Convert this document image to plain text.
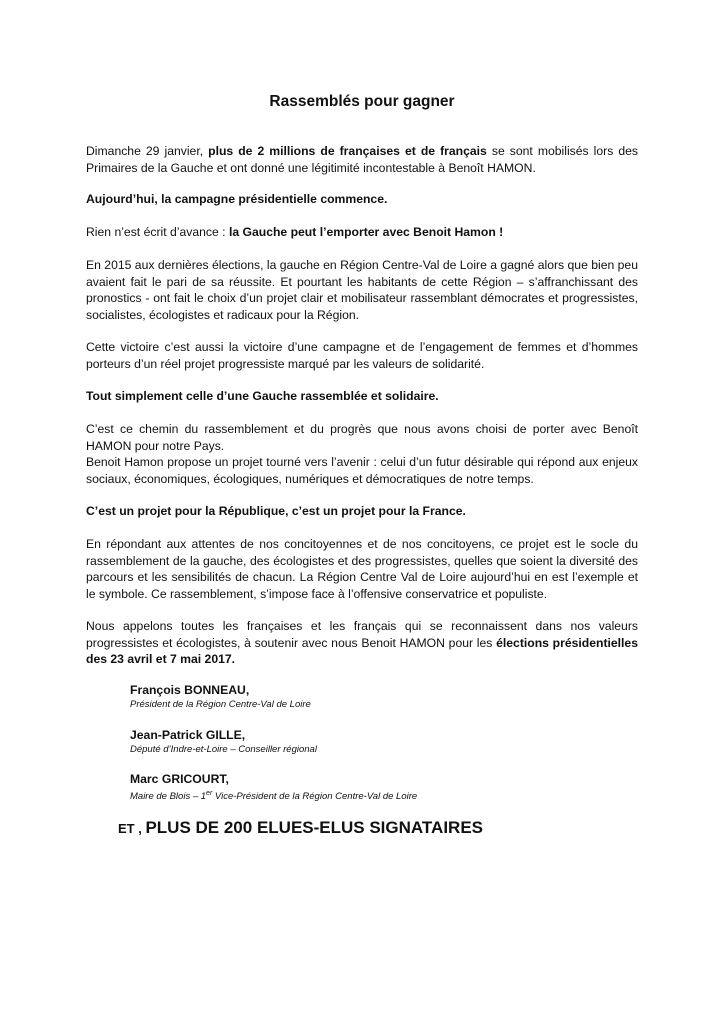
Rassemblés pour gagner

Dimanche 29 janvier, plus de 2 millions de françaises et de français se sont mobilisés lors des Primaires de la Gauche et ont donné une légitimité incontestable à Benoît HAMON.

Aujourd’hui, la campagne présidentielle commence.

Rien n’est écrit d’avance : la Gauche peut l’emporter avec Benoit Hamon !

En 2015 aux dernières élections, la gauche en Région Centre-Val de Loire a gagné alors que bien peu avaient fait le pari de sa réussite. Et pourtant les habitants de cette Région – s’affranchissant des pronostics - ont fait le choix d’un projet clair et mobilisateur rassemblant démocrates et progressistes, socialistes, écologistes et radicaux pour la Région.

Cette victoire c’est aussi la victoire d’une campagne et de l’engagement de femmes et d’hommes porteurs d’un réel projet progressiste marqué par les valeurs de solidarité.

Tout simplement celle d’une Gauche rassemblée et solidaire.

C’est ce chemin du rassemblement et du progrès que nous avons choisi de porter avec Benoît HAMON pour notre Pays.

Benoit Hamon propose un projet tourné vers l’avenir : celui d’un futur désirable qui répond aux enjeux sociaux, économiques, écologiques, numériques et démocratiques de notre temps.

C’est un projet pour la République, c’est un projet pour la France.

En répondant aux attentes de nos concitoyennes et de nos concitoyens, ce projet est le socle du rassemblement de la gauche, des écologistes et des progressistes, quelles que soient la diversité des parcours et les sensibilités de chacun. La Région Centre Val de Loire aujourd’hui en est l’exemple et le symbole. Ce rassemblement, s’impose face à l’offensive conservatrice et populiste.

Nous appelons toutes les françaises et les français qui se reconnaissent dans nos valeurs progressistes et écologistes, à soutenir avec nous Benoit HAMON pour les élections présidentielles des 23 avril et 7 mai 2017.

François BONNEAU,
Président de la Région Centre-Val de Loire
Jean-Patrick GILLE,
Député d’Indre-et-Loire – Conseiller régional
Marc GRICOURT,
Maire de Blois – 1er Vice-Président de la Région Centre-Val de Loire
ET , PLUS DE 200 ELUES-ELUS SIGNATAIRES
